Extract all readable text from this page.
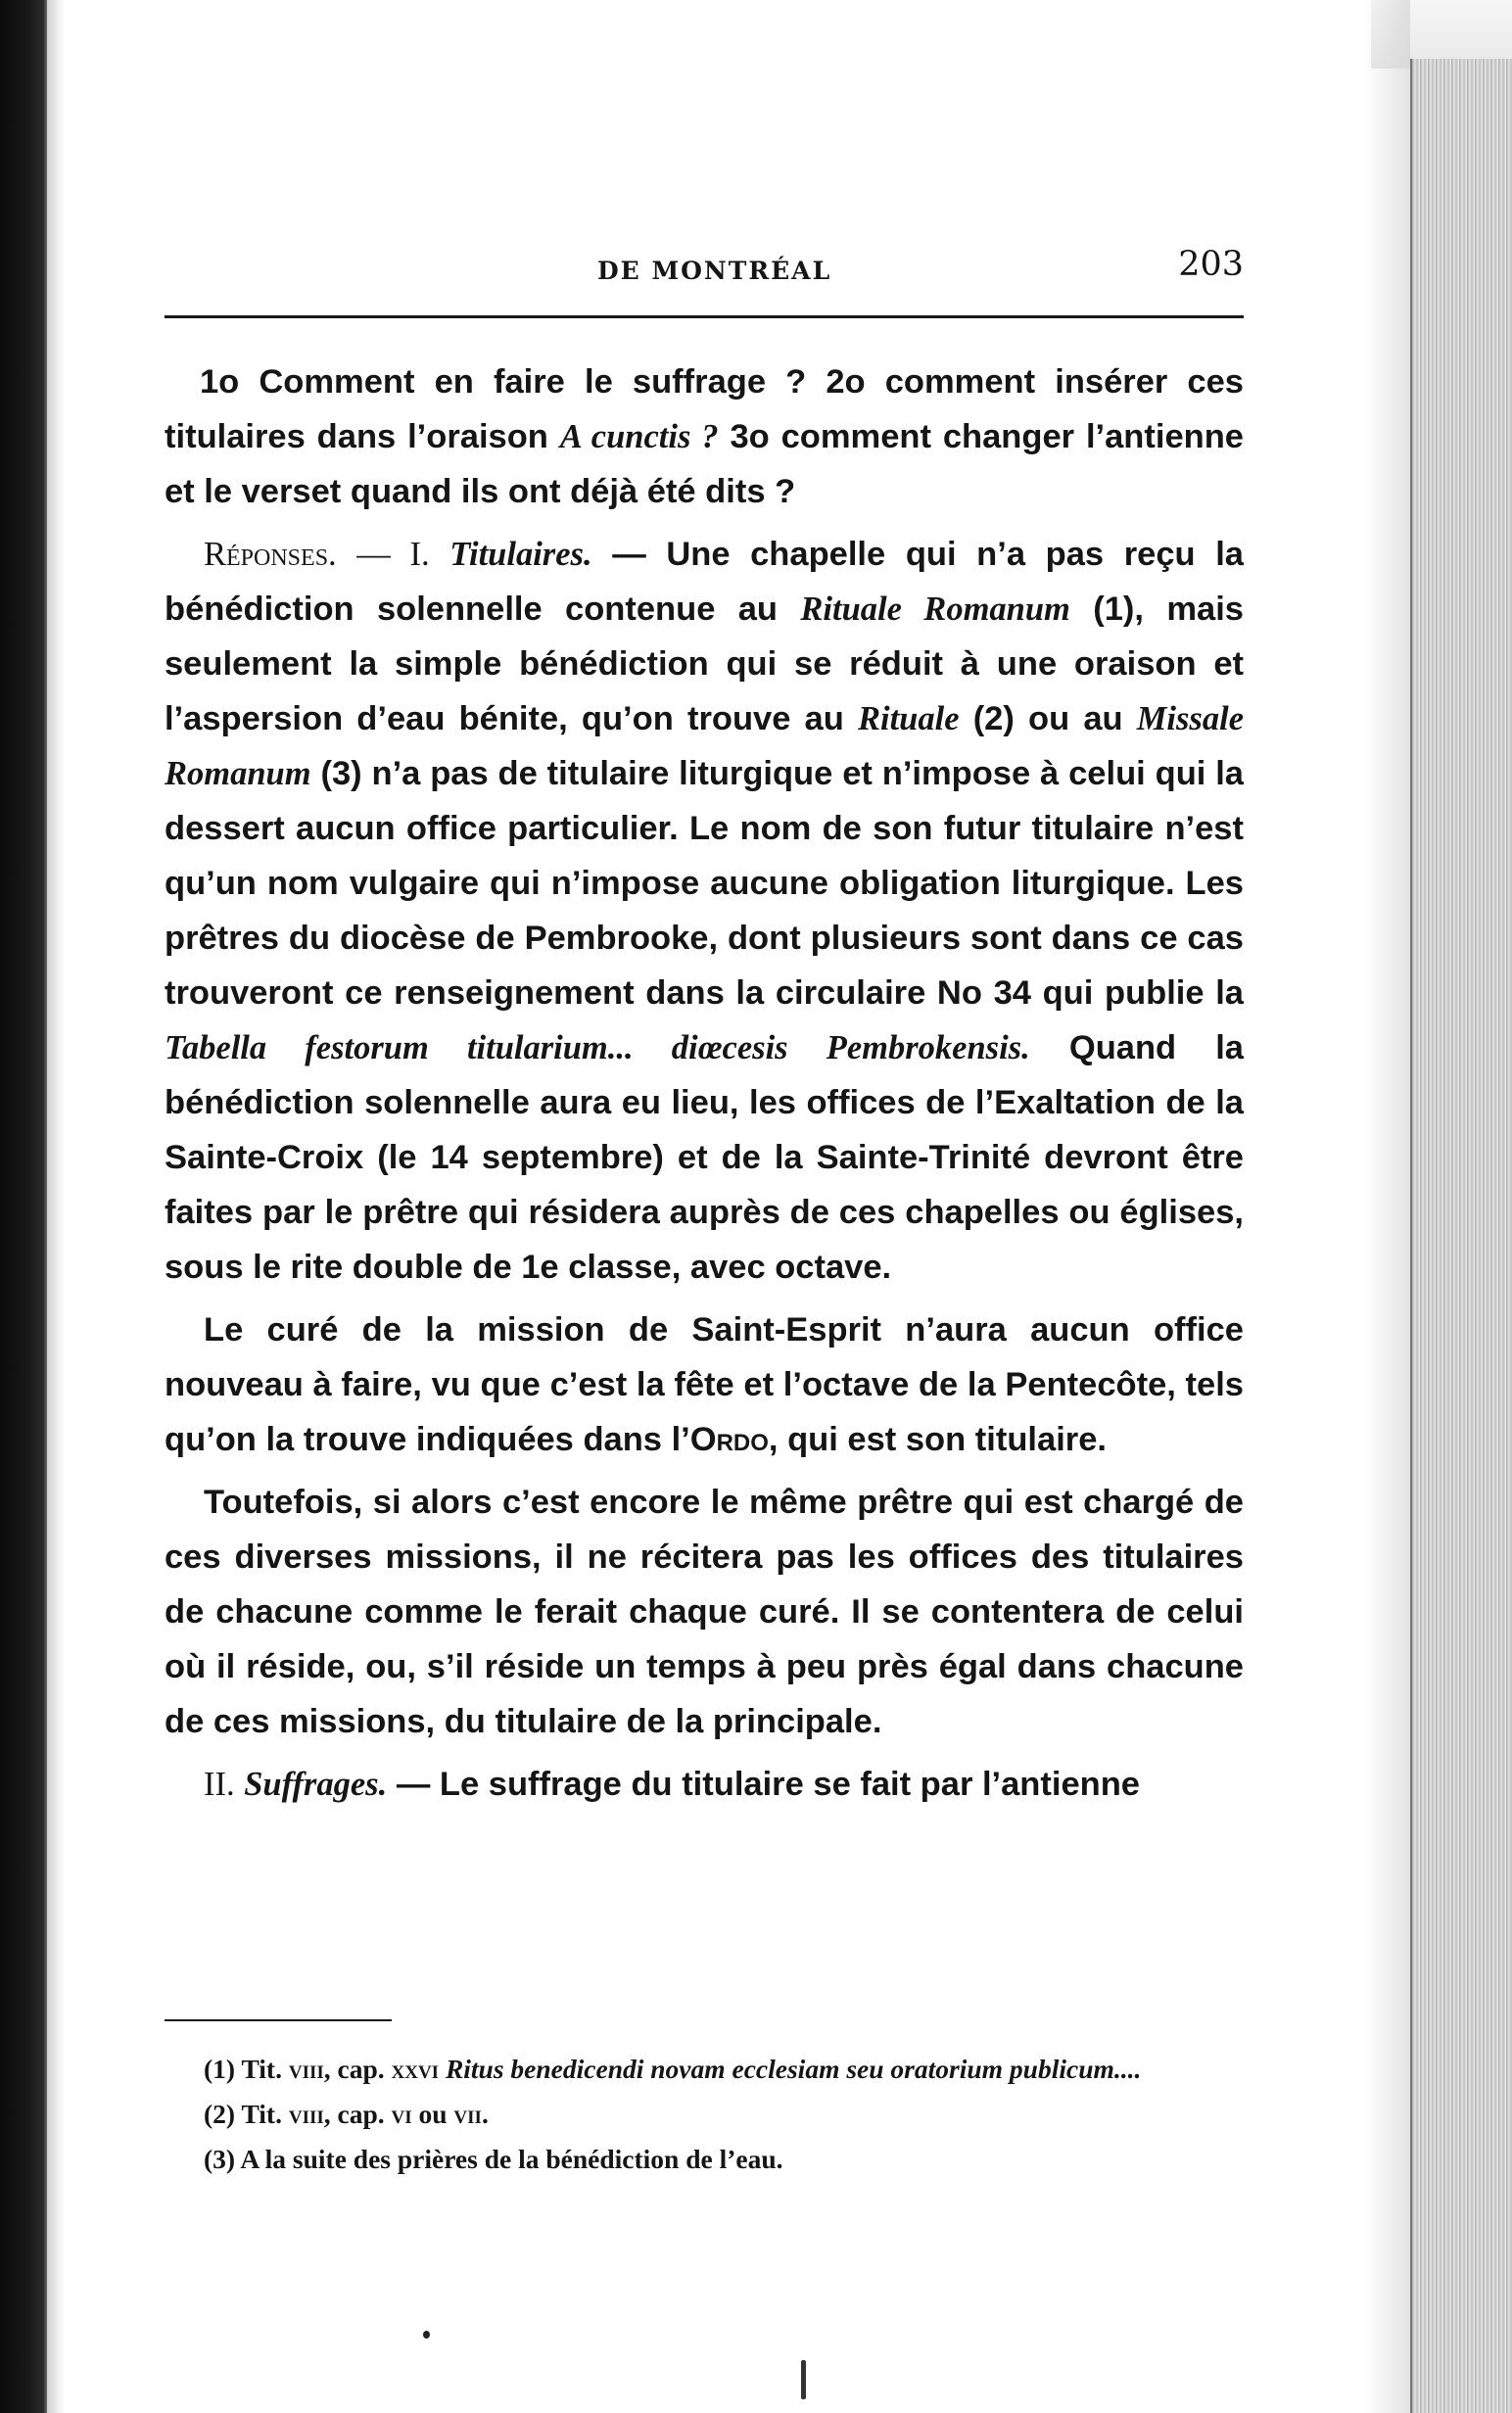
DE MONTRÉAL	203

1o Comment en faire le suffrage ? 2o comment insérer ces titulaires dans l’oraison A cunctis ? 3o comment changer l’antienne et le verset quand ils ont déjà été dits ?

Réponses. — I. Titulaires. — Une chapelle qui n’a pas reçu la bénédiction solennelle contenue au Rituale Romanum (1), mais seulement la simple bénédiction qui se réduit à une oraison et l’aspersion d’eau bénite, qu’on trouve au Rituale (2) ou au Missale Romanum (3) n’a pas de titulaire liturgique et n’impose à celui qui la dessert aucun office particulier. Le nom de son futur titulaire n’est qu’un nom vulgaire qui n’impose aucune obligation liturgique. Les prêtres du diocèse de Pembrooke, dont plusieurs sont dans ce cas trouveront ce renseignement dans la circulaire No 34 qui publie la Tabella festorum titularium... diœcesis Pembrokensis. Quand la bénédiction solennelle aura eu lieu, les offices de l’Exaltation de la Sainte-Croix (le 14 septembre) et de la Sainte-Trinité devront être faites par le prêtre qui résidera auprès de ces chapelles ou églises, sous le rite double de 1e classe, avec octave.

Le curé de la mission de Saint-Esprit n’aura aucun office nouveau à faire, vu que c’est la fête et l’octave de la Pentecôte, tels qu’on la trouve indiquées dans l’Ordo, qui est son titulaire.

Toutefois, si alors c’est encore le même prêtre qui est chargé de ces diverses missions, il ne récitera pas les offices des titulaires de chacune comme le ferait chaque curé. Il se contentera de celui où il réside, ou, s’il réside un temps à peu près égal dans chacune de ces missions, du titulaire de la principale.

II. Suffrages. — Le suffrage du titulaire se fait par l’antienne

(1) Tit. viii, cap. xxvi Ritus benedicendi novam ecclesiam seu oratorium publicum....

(2) Tit. viii, cap. vi ou vii.

(3) A la suite des prières de la bénédiction de l’eau.
